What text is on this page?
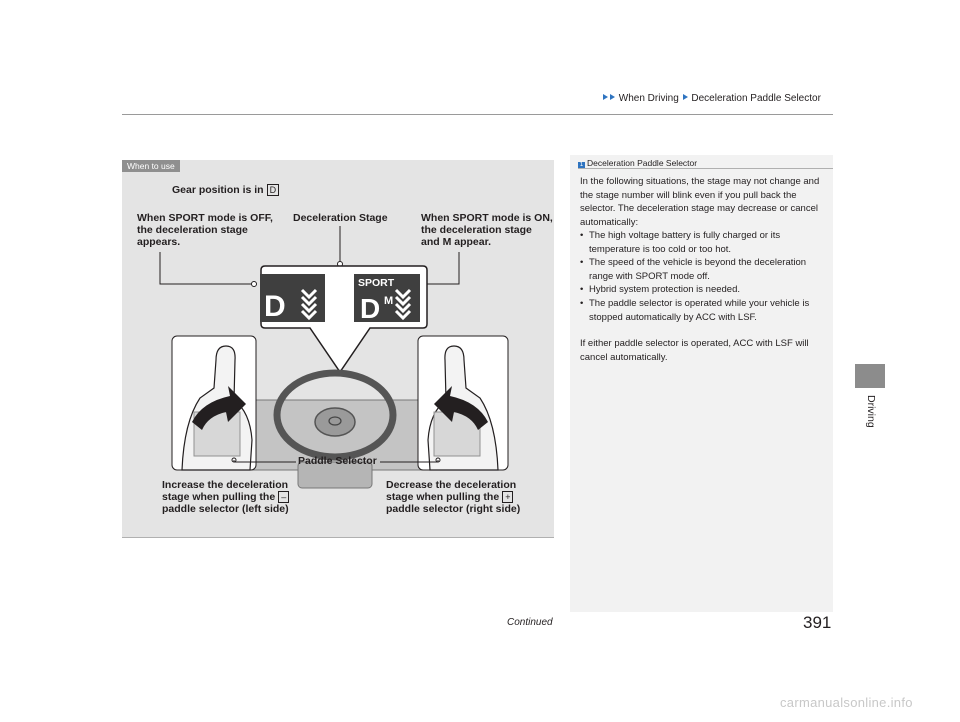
When Driving Deceleration Paddle Selector
Driving
D
SPORT
D M
When to use
Gear position is in D
When SPORT mode is OFF,
the deceleration stage
appears.
Deceleration Stage	When SPORT mode is ON,
the deceleration stage
and M appear.
Paddle Selector
Increase the deceleration
stage when pulling the –
paddle selector (left side)
Decrease the deceleration
stage when pulling the +
paddle selector (right side)
1 Deceleration Paddle Selector
In the following situations, the stage may not change and the stage number will blink even if you pull back the selector. The deceleration stage may decrease or cancel automatically:
• The high voltage battery is fully charged or its temperature is too cold or too hot.
• The speed of the vehicle is beyond the deceleration range with SPORT mode off.
• Hybrid system protection is needed.
• The paddle selector is operated while your vehicle is stopped automatically by ACC with LSF.
If either paddle selector is operated, ACC with LSF will cancel automatically.
Continued	391
carmanualsonline.info
